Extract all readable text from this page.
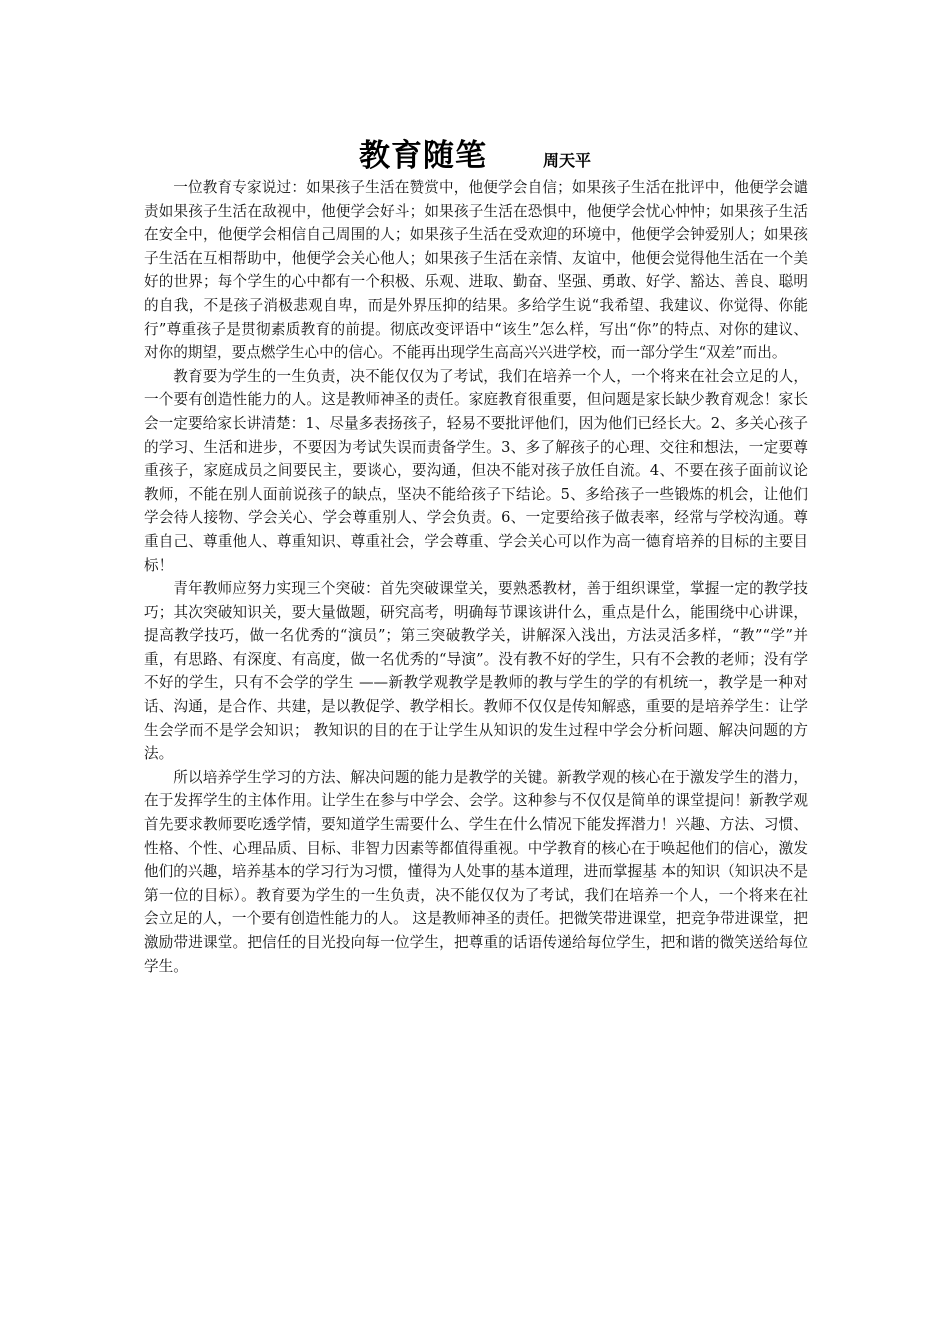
教育随笔	周天平

一位教育专家说过：如果孩子生活在赞赏中，他便学会自信；如果孩子生活在批评中，他便学会谴责如果孩子生活在敌视中，他便学会好斗；如果孩子生活在恐惧中，他便学会忧心忡忡；如果孩子生活在安全中，他便学会相信自己周围的人；如果孩子生活在受欢迎的环境中，他便学会钟爱别人；如果孩子生活在互相帮助中，他便学会关心他人；如果孩子生活在亲情、友谊中，他便会觉得他生活在一个美好的世界；每个学生的心中都有一个积极、乐观、进取、勤奋、坚强、勇敢、好学、豁达、善良、聪明的自我，不是孩子消极悲观自卑，而是外界压抑的结果。多给学生说“我希望、我建议、你觉得、你能行”尊重孩子是贯彻素质教育的前提。彻底改变评语中“该生”怎么样，写出“你”的特点、对你的建议、对你的期望，要点燃学生心中的信心。不能再出现学生高高兴兴进学校，而一部分学生“双差”而出。

教育要为学生的一生负责，决不能仅仅为了考试，我们在培养一个人，一个将来在社会立足的人，一个要有创造性能力的人。这是教师神圣的责任。家庭教育很重要，但问题是家长缺少教育观念！家长会一定要给家长讲清楚：1、尽量多表扬孩子，轻易不要批评他们，因为他们已经长大。2、多关心孩子的学习、生活和进步，不要因为考试失误而责备学生。3、多了解孩子的心理、交往和想法，一定要尊重孩子，家庭成员之间要民主，要谈心，要沟通，但决不能对孩子放任自流。4、不要在孩子面前议论教师，不能在别人面前说孩子的缺点，坚决不能给孩子下结论。5、多给孩子一些锻炼的机会，让他们学会待人接物、学会关心、学会尊重别人、学会负责。6、一定要给孩子做表率，经常与学校沟通。尊重自己、尊重他人、尊重知识、尊重社会，学会尊重、学会关心可以作为高一德育培养的目标的主要目标！

青年教师应努力实现三个突破：首先突破课堂关，要熟悉教材，善于组织课堂，掌握一定的教学技巧；其次突破知识关，要大量做题，研究高考，明确每节课该讲什么，重点是什么，能围绕中心讲课，提高教学技巧，做一名优秀的“演员”；第三突破教学关，讲解深入浅出，方法灵活多样，“教”“学”并重，有思路、有深度、有高度，做一名优秀的“导演”。没有教不好的学生，只有不会教的老师；没有学不好的学生，只有不会学的学生 ——新教学观教学是教师的教与学生的学的有机统一，教学是一种对话、沟通，是合作、共建，是以教促学、教学相长。教师不仅仅是传知解惑，重要的是培养学生：让学生会学而不是学会知识； 教知识的目的在于让学生从知识的发生过程中学会分析问题、解决问题的方法。

所以培养学生学习的方法、解决问题的能力是教学的关键。新教学观的核心在于激发学生的潜力，在于发挥学生的主体作用。让学生在参与中学会、会学。这种参与不仅仅是简单的课堂提问！新教学观首先要求教师要吃透学情，要知道学生需要什么、学生在什么情况下能发挥潜力！兴趣、方法、习惯、性格、个性、心理品质、目标、非智力因素等都值得重视。中学教育的核心在于唤起他们的信心，激发他们的兴趣，培养基本的学习行为习惯，懂得为人处事的基本道理，进而掌握基 本的知识（知识决不是第一位的目标）。教育要为学生的一生负责，决不能仅仅为了考试，我们在培养一个人，一个将来在社会立足的人，一个要有创造性能力的人。 这是教师神圣的责任。把微笑带进课堂，把竞争带进课堂，把激励带进课堂。把信任的目光投向每一位学生，把尊重的话语传递给每位学生，把和谐的微笑送给每位学生。
